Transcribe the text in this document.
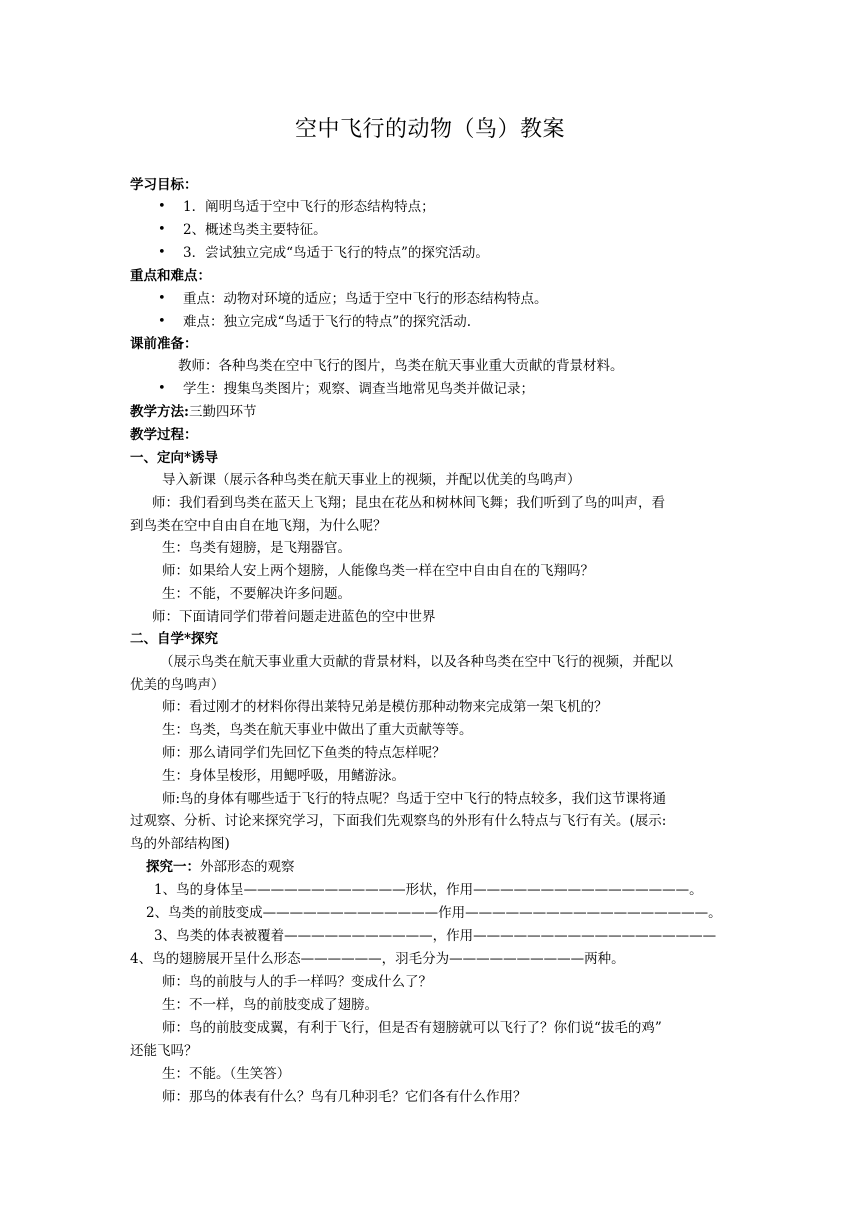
空中飞行的动物（鸟）教案
学习目标：
• 1．阐明鸟适于空中飞行的形态结构特点；
• 2、概述鸟类主要特征。
• 3．尝试独立完成“鸟适于飞行的特点”的探究活动。
重点和难点：
• 重点：动物对环境的适应；鸟适于空中飞行的形态结构特点。
• 难点：独立完成“鸟适于飞行的特点”的探究活动.
课前准备：
教师：各种鸟类在空中飞行的图片，鸟类在航天事业重大贡献的背景材料。
• 学生：搜集鸟类图片；观察、调查当地常见鸟类并做记录；
教学方法:三勤四环节
教学过程：
一、定向*诱导
导入新课（展示各种鸟类在航天事业上的视频，并配以优美的鸟鸣声）
师：我们看到鸟类在蓝天上飞翔；昆虫在花丛和树林间飞舞；我们听到了鸟的叫声，看
到鸟类在空中自由自在地飞翔，为什么呢？
生：鸟类有翅膀，是飞翔器官。
师：如果给人安上两个翅膀，人能像鸟类一样在空中自由自在的飞翔吗？
生：不能，不要解决许多问题。
师：下面请同学们带着问题走进蓝色的空中世界
二、自学*探究
（展示鸟类在航天事业重大贡献的背景材料，以及各种鸟类在空中飞行的视频，并配以
优美的鸟鸣声）
师：看过刚才的材料你得出莱特兄弟是模仿那种动物来完成第一架飞机的？
生：鸟类，鸟类在航天事业中做出了重大贡献等等。
师：那么请同学们先回忆下鱼类的特点怎样呢？
生：身体呈梭形，用鳃呼吸，用鳍游泳。
师:鸟的身体有哪些适于飞行的特点呢？鸟适于空中飞行的特点较多，我们这节课将通
过观察、分析、讨论来探究学习，下面我们先观察鸟的外形有什么特点与飞行有关。(展示:
鸟的外部结构图)
探究一：外部形态的观察
1、鸟的身体呈————————————形状，作用————————————————。
2、鸟类的前肢变成—————————————作用——————————————————。
3、鸟类的体表被覆着———————————，作用——————————————————
4、鸟的翅膀展开呈什么形态——————，羽毛分为——————————两种。
师：鸟的前肢与人的手一样吗？变成什么了？
生：不一样，鸟的前肢变成了翅膀。
师：鸟的前肢变成翼，有利于飞行，但是否有翅膀就可以飞行了？你们说“拔毛的鸡”
还能飞吗？
生：不能。（生笑答）
师：那鸟的体表有什么？鸟有几种羽毛？它们各有什么作用？
